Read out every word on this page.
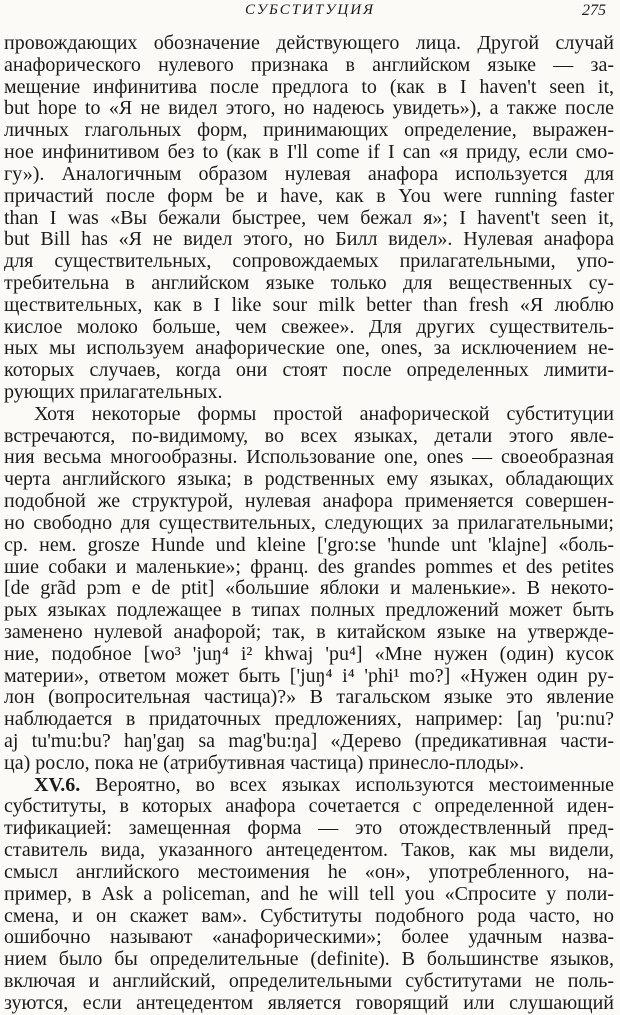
СУБСТИТУЦИЯ	275
провождающих обозначение действующего лица. Другой случай
анафорического нулевого признака в английском языке — за-
мещение инфинитива после предлога to (как в I haven't seen it,
but hope to «Я не видел этого, но надеюсь увидеть»), а также после
личных глагольных форм, принимающих определение, выражен-
ное инфинитивом без to (как в I'll come if I can «я приду, если смо-
гу»). Аналогичным образом нулевая анафора используется для
причастий после форм be и have, как в You were running faster
than I was «Вы бежали быстрее, чем бежал я»; I havent't seen it,
but Bill has «Я не видел этого, но Билл видел». Нулевая анафора
для существительных, сопровождаемых прилагательными, упо-
требительна в английском языке только для вещественных су-
ществительных, как в I like sour milk better than fresh «Я люблю
кислое молоко больше, чем свежее». Для других существитель-
ных мы используем анафорические one, ones, за исключением не-
которых случаев, когда они стоят после определенных лимити-
рующих прилагательных.
Хотя некоторые формы простой анафорической субституции
встречаются, по-видимому, во всех языках, детали этого явле-
ния весьма многообразны. Использование one, ones — своеобразная
черта английского языка; в родственных ему языках, обладающих
подобной же структурой, нулевая анафора применяется совершен-
но свободно для существительных, следующих за прилагательными;
ср. нем. grosze Hunde und kleine ['gro:se 'hunde unt 'klajne] «боль-
шие собаки и маленькие»; франц. des grandes pommes et des petites
[de grãd pɔm e de ptit] «большие яблоки и маленькие». В некото-
рых языках подлежащее в типах полных предложений может быть
заменено нулевой анафорой; так, в китайском языке на утвержде-
ние, подобное [wo³ 'juŋ⁴ i² khwaj 'pu⁴] «Мне нужен (один) кусок
материи», ответом может быть ['juŋ⁴ i⁴ 'phi¹ mo?] «Нужен один ру-
лон (вопросительная частица)?» В тагальском языке это явление
наблюдается в придаточных предложениях, например: [aŋ 'pu:nu?
aj tu'mu:bu? haŋ'gaŋ sa mag'bu:ŋa] «Дерево (предикативная части-
ца) росло, пока не (атрибутивная частица) принесло-плоды».
XV.6. Вероятно, во всех языках используются местоименные
субституты, в которых анафора сочетается с определенной иден-
тификацией: замещенная форма — это отождествленный пред-
ставитель вида, указанного антецедентом. Таков, как мы видели,
смысл английского местоимения he «он», употребленного, на-
пример, в Ask a policeman, and he will tell you «Спросите у поли-
смена, и он скажет вам». Субституты подобного рода часто, но
ошибочно называют «анафорическими»; более удачным назва-
нием было бы определительные (definite). В большинстве языков,
включая и английский, определительными субститутами не поль-
зуются, если антецедентом является говорящий или слушающий
